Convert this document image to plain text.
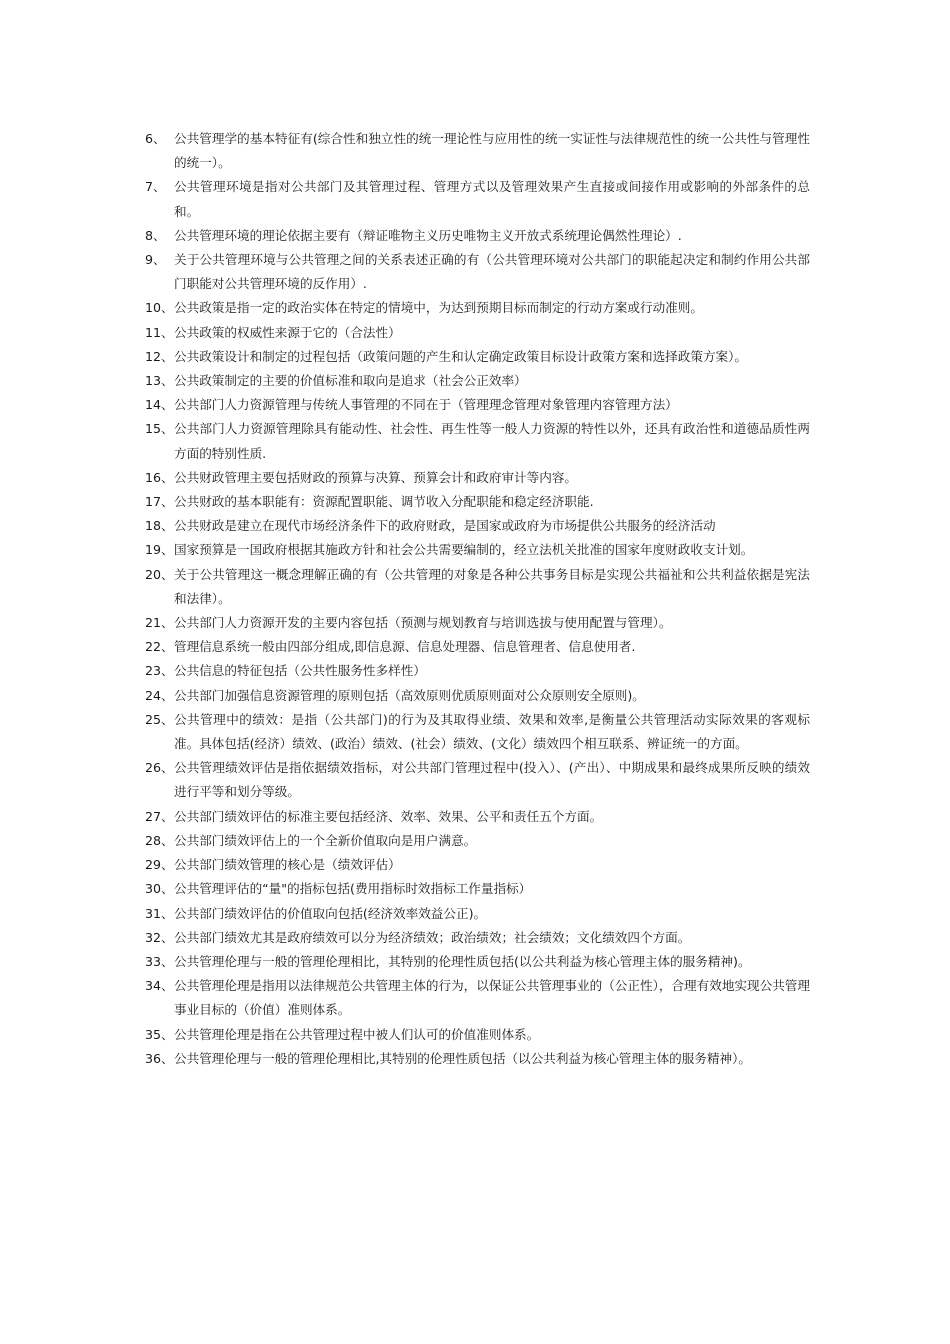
6、 公共管理学的基本特征有(综合性和独立性的统一理论性与应用性的统一实证性与法律规范性的统一公共性与管理性的统一）。
7、 公共管理环境是指对公共部门及其管理过程、管理方式以及管理效果产生直接或间接作用或影响的外部条件的总和。
8、 公共管理环境的理论依据主要有（辩证唯物主义历史唯物主义开放式系统理论偶然性理论）.
9、 关于公共管理环境与公共管理之间的关系表述正确的有（公共管理环境对公共部门的职能起决定和制约作用公共部门职能对公共管理环境的反作用）.
10、 公共政策是指一定的政治实体在特定的情境中，为达到预期目标而制定的行动方案或行动准则。
11、 公共政策的权威性来源于它的（合法性）
12、 公共政策设计和制定的过程包括（政策问题的产生和认定确定政策目标设计政策方案和选择政策方案）。
13、 公共政策制定的主要的价值标准和取向是追求（社会公正效率）
14、 公共部门人力资源管理与传统人事管理的不同在于（管理理念管理对象管理内容管理方法）
15、 公共部门人力资源管理除具有能动性、社会性、再生性等一般人力资源的特性以外，还具有政治性和道德品质性两方面的特别性质.
16、 公共财政管理主要包括财政的预算与决算、预算会计和政府审计等内容。
17、 公共财政的基本职能有：资源配置职能、调节收入分配职能和稳定经济职能.
18、 公共财政是建立在现代市场经济条件下的政府财政，是国家或政府为市场提供公共服务的经济活动
19、 国家预算是一国政府根据其施政方针和社会公共需要编制的，经立法机关批准的国家年度财政收支计划。
20、 关于公共管理这一概念理解正确的有（公共管理的对象是各种公共事务目标是实现公共福祉和公共利益依据是宪法和法律）。
21、 公共部门人力资源开发的主要内容包括（预测与规划教育与培训选拔与使用配置与管理）。
22、 管理信息系统一般由四部分组成,即信息源、信息处理器、信息管理者、信息使用者.
23、 公共信息的特征包括（公共性服务性多样性）
24、 公共部门加强信息资源管理的原则包括（高效原则优质原则面对公众原则安全原则)。
25、 公共管理中的绩效：是指（公共部门)的行为及其取得业绩、效果和效率,是衡量公共管理活动实际效果的客观标准。具体包括(经济）绩效、(政治）绩效、(社会）绩效、(文化）绩效四个相互联系、辨证统一的方面。
26、 公共管理绩效评估是指依据绩效指标，对公共部门管理过程中(投入）、(产出）、中期成果和最终成果所反映的绩效进行平等和划分等级。
27、 公共部门绩效评估的标准主要包括经济、效率、效果、公平和责任五个方面。
28、 公共部门绩效评估上的一个全新价值取向是用户满意。
29、 公共部门绩效管理的核心是（绩效评估）
30、 公共管理评估的“量"的指标包括(费用指标时效指标工作量指标）
31、 公共部门绩效评估的价值取向包括(经济效率效益公正)。
32、 公共部门绩效尤其是政府绩效可以分为经济绩效；政治绩效；社会绩效；文化绩效四个方面。
33、 公共管理伦理与一般的管理伦理相比，其特别的伦理性质包括(以公共利益为核心管理主体的服务精神)。
34、 公共管理伦理是指用以法律规范公共管理主体的行为，以保证公共管理事业的（公正性），合理有效地实现公共管理事业目标的（价值）准则体系。
35、 公共管理伦理是指在公共管理过程中被人们认可的价值准则体系。
36、 公共管理伦理与一般的管理伦理相比,其特别的伦理性质包括（以公共利益为核心管理主体的服务精神）。
